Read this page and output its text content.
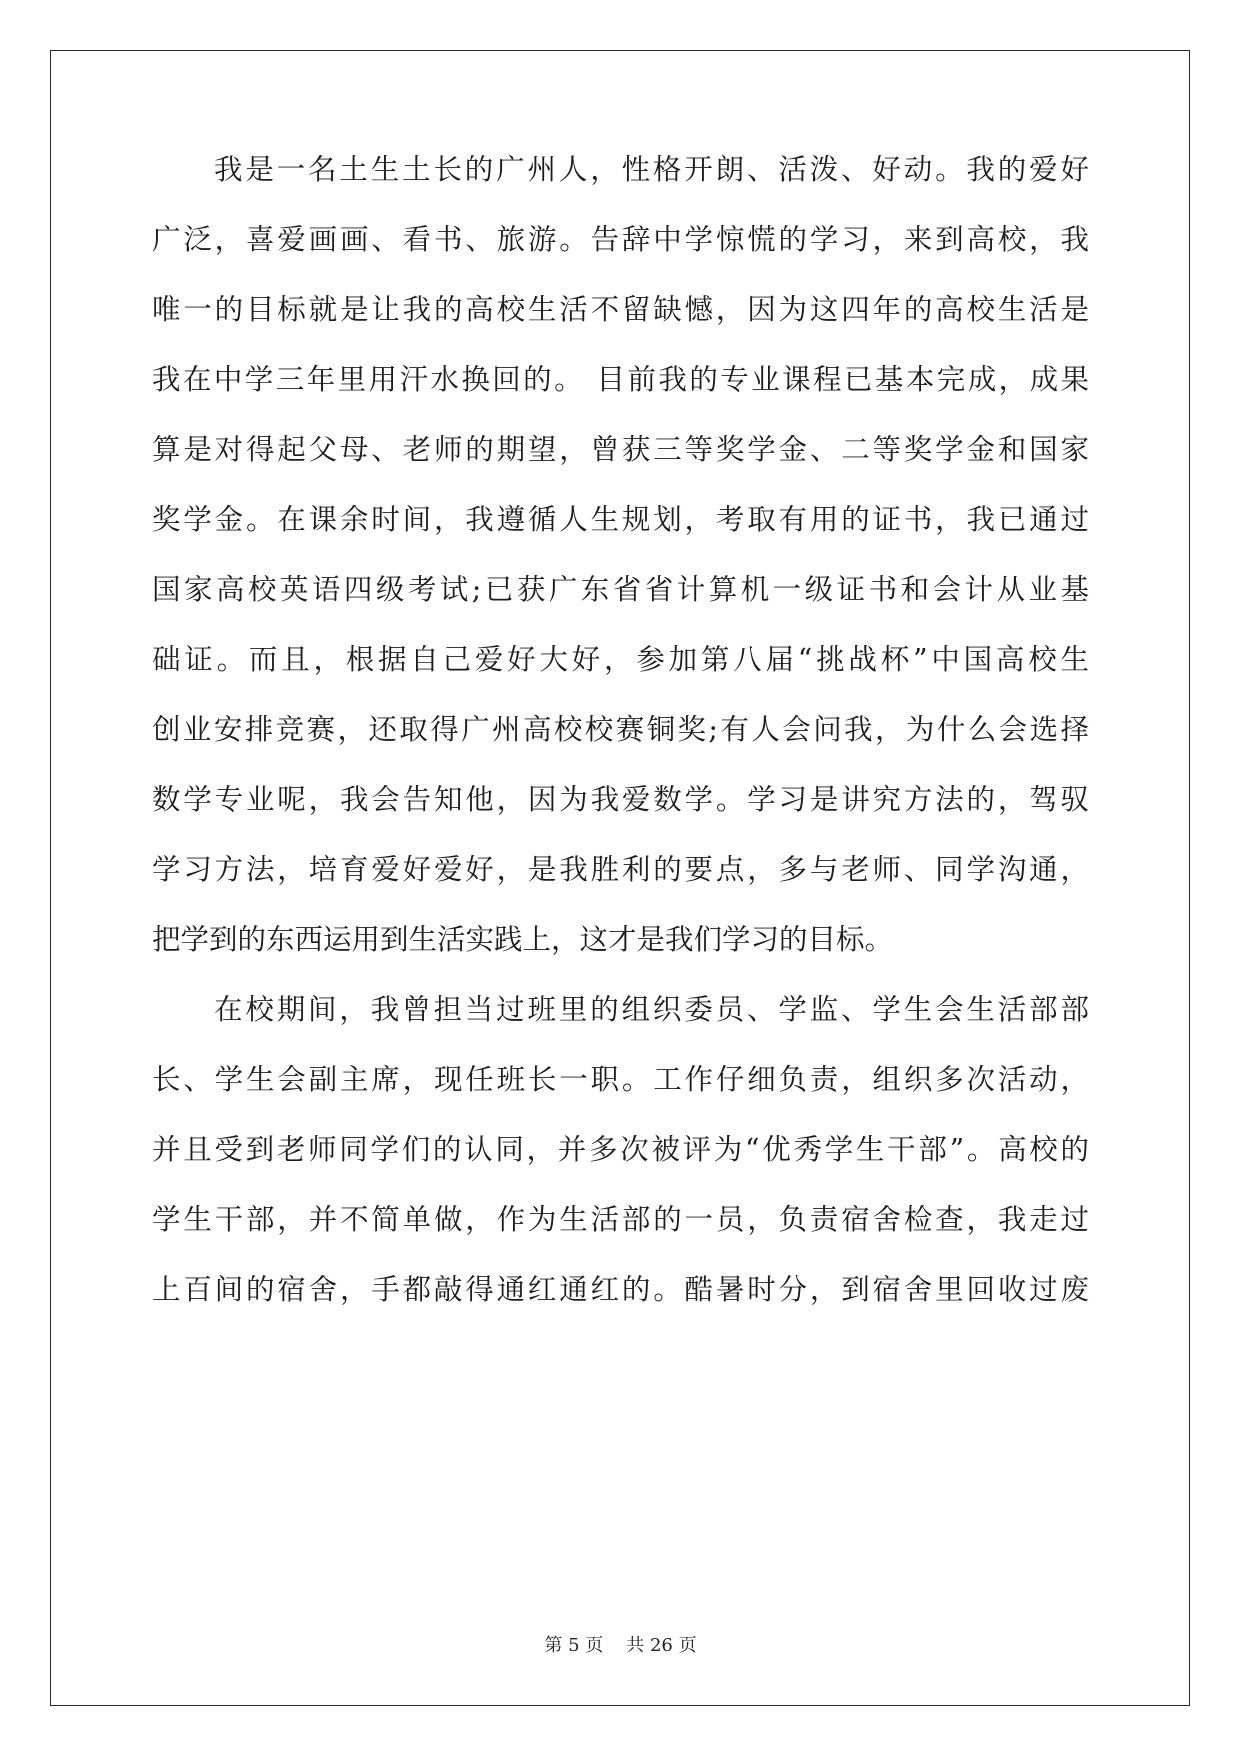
我是一名土生土长的广州人，性格开朗、活泼、好动。我的爱好
广泛，喜爱画画、看书、旅游。告辞中学惊慌的学习，来到高校，我
唯一的目标就是让我的高校生活不留缺憾，因为这四年的高校生活是
我在中学三年里用汗水换回的。 目前我的专业课程已基本完成，成果
算是对得起父母、老师的期望，曾获三等奖学金、二等奖学金和国家
奖学金。在课余时间，我遵循人生规划，考取有用的证书，我已通过
国家高校英语四级考试;已获广东省省计算机一级证书和会计从业基
础证。而且，根据自己爱好大好，参加第八届“挑战杯”中国高校生
创业安排竞赛，还取得广州高校校赛铜奖;有人会问我，为什么会选择
数学专业呢，我会告知他，因为我爱数学。学习是讲究方法的，驾驭
学习方法，培育爱好爱好，是我胜利的要点，多与老师、同学沟通，
把学到的东西运用到生活实践上，这才是我们学习的目标。
在校期间，我曾担当过班里的组织委员、学监、学生会生活部部
长、学生会副主席，现任班长一职。工作仔细负责，组织多次活动，
并且受到老师同学们的认同，并多次被评为“优秀学生干部”。高校的
学生干部，并不简单做，作为生活部的一员，负责宿舍检查，我走过
上百间的宿舍，手都敲得通红通红的。酷暑时分，到宿舍里回收过废
第 5 页 共 26 页
